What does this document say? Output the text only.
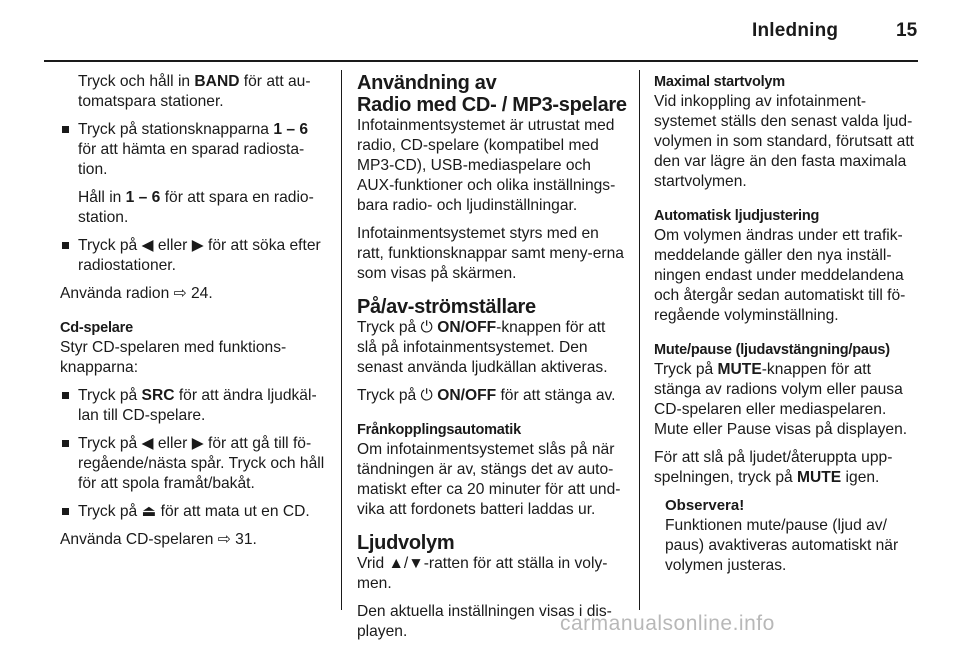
Inledning	15

Tryck och håll in BAND för att au-tomatspara stationer.

Tryck på stationsknapparna 1 – 6 för att hämta en sparad radiosta-tion.

Håll in 1 – 6 för att spara en radio-station.

Tryck på ◀ eller ▶ för att söka efter radiostationer.

Använda radion ⇨ 24.

Cd-spelare

Styr CD-spelaren med funktions-knapparna:

Tryck på SRC för att ändra ljudkäl-lan till CD-spelare.
Tryck på ◀ eller ▶ för att gå till fö-regående/nästa spår. Tryck och håll för att spola framåt/bakåt.
Tryck på ⏏ för att mata ut en CD.

Använda CD-spelaren ⇨ 31.

Användning av

Radio med CD- / MP3-spelare

Infotainmentsystemet är utrustat med radio, CD-spelare (kompatibel med MP3-CD), USB-mediaspelare och AUX-funktioner och olika inställnings-bara radio- och ljudinställningar.

Infotainmentsystemet styrs med en ratt, funktionsknappar samt meny-erna som visas på skärmen.

På/av-strömställare

Tryck på ⏻ ON/OFF-knappen för att slå på infotainmentsystemet. Den senast använda ljudkällan aktiveras.

Tryck på ⏻ ON/OFF för att stänga av.

Frånkopplingsautomatik

Om infotainmentsystemet slås på när tändningen är av, stängs det av auto-matiskt efter ca 20 minuter för att und-vika att fordonets batteri laddas ur.

Ljudvolym

Vrid ▲/▼-ratten för att ställa in voly-men.

Den aktuella inställningen visas i dis-playen.

Maximal startvolym

Vid inkoppling av infotainment-systemet ställs den senast valda ljud-volymen in som standard, förutsatt att den var lägre än den fasta maximala startvolymen.

Automatisk ljudjustering

Om volymen ändras under ett trafik-meddelande gäller den nya inställ-ningen endast under meddelandena och återgår sedan automatiskt till fö-regående volyminställning.

Mute/pause (ljudavstängning/paus)

Tryck på MUTE-knappen för att stänga av radions volym eller pausa CD-spelaren eller mediaspelaren. Mute eller Pause visas på displayen.

För att slå på ljudet/återuppta upp-spelningen, tryck på MUTE igen.

Observera!

Funktionen mute/pause (ljud av/ paus) avaktiveras automatiskt när volymen justeras.

carmanualsonline.info
